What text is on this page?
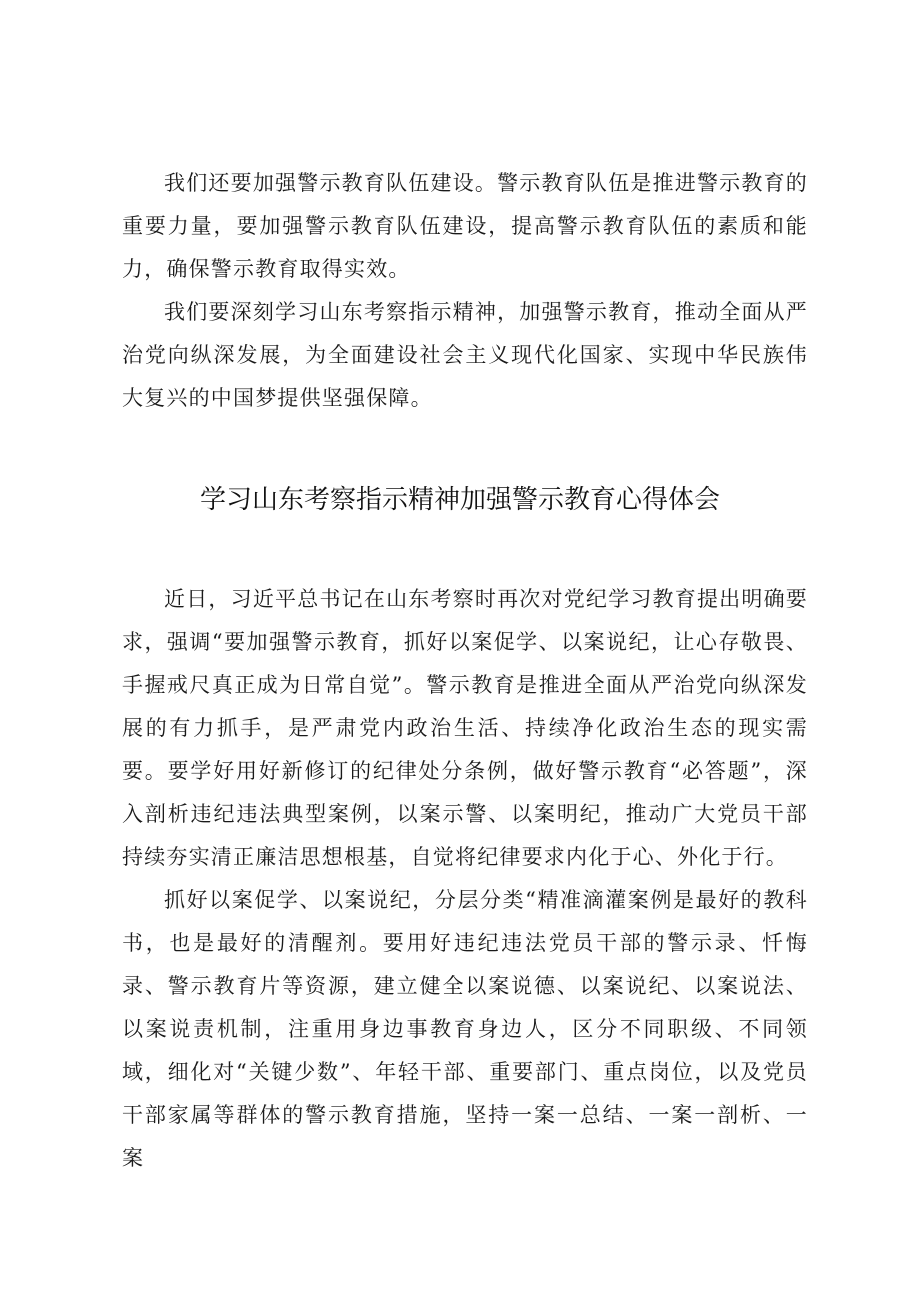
我们还要加强警示教育队伍建设。警示教育队伍是推进警示教育的重要力量，要加强警示教育队伍建设，提高警示教育队伍的素质和能力，确保警示教育取得实效。

我们要深刻学习山东考察指示精神，加强警示教育，推动全面从严治党向纵深发展，为全面建设社会主义现代化国家、实现中华民族伟大复兴的中国梦提供坚强保障。

学习山东考察指示精神加强警示教育心得体会

近日，习近平总书记在山东考察时再次对党纪学习教育提出明确要求，强调“要加强警示教育，抓好以案促学、以案说纪，让心存敬畏、手握戒尺真正成为日常自觉”。警示教育是推进全面从严治党向纵深发展的有力抓手，是严肃党内政治生活、持续净化政治生态的现实需要。要学好用好新修订的纪律处分条例，做好警示教育“必答题”，深入剖析违纪违法典型案例，以案示警、以案明纪，推动广大党员干部持续夯实清正廉洁思想根基，自觉将纪律要求内化于心、外化于行。

抓好以案促学、以案说纪，分层分类“精准滴灌案例是最好的教科书，也是最好的清醒剂。要用好违纪违法党员干部的警示录、忏悔录、警示教育片等资源，建立健全以案说德、以案说纪、以案说法、以案说责机制，注重用身边事教育身边人，区分不同职级、不同领域，细化对“关键少数”、年轻干部、重要部门、重点岗位，以及党员干部家属等群体的警示教育措施，坚持一案一总结、一案一剖析、一案
